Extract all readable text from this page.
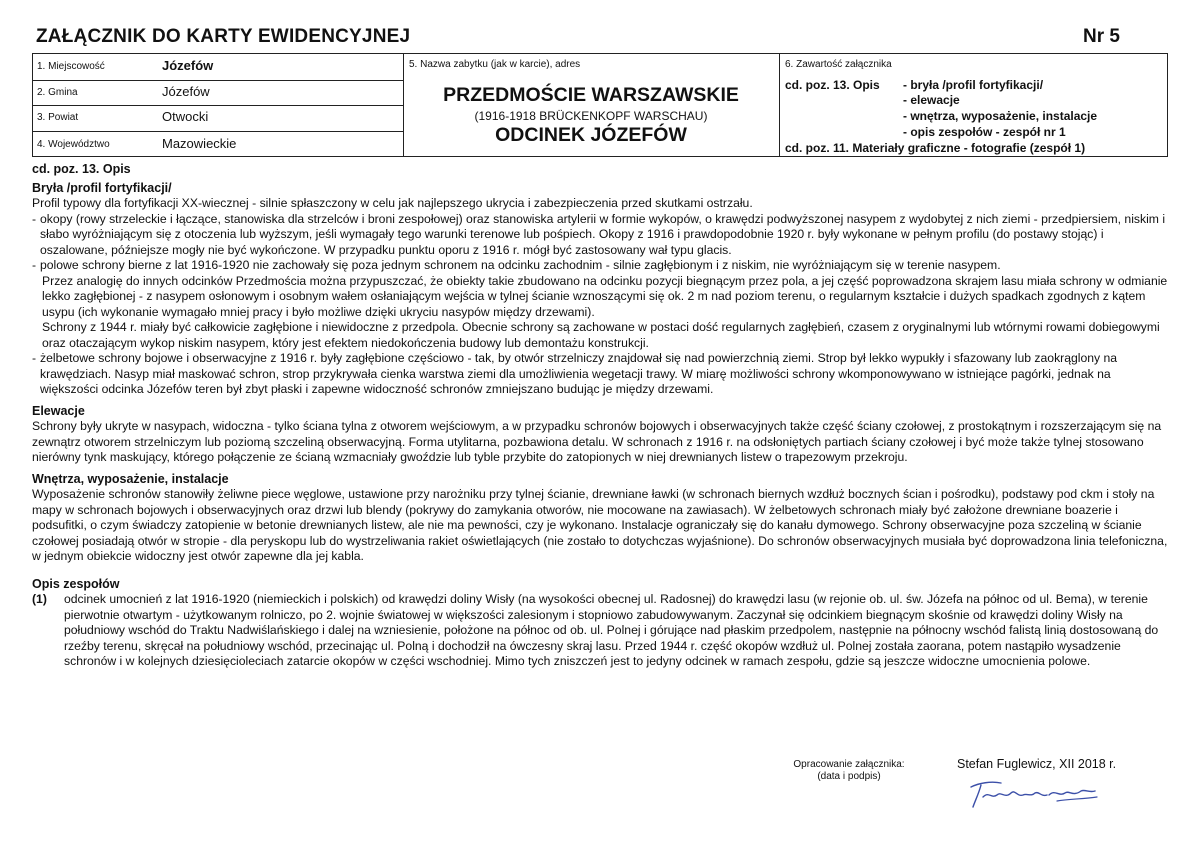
ZAŁĄCZNIK DO KARTY EWIDENCYJNEJ	Nr 5
1. Miejscowość	Józefów
2. Gmina	Józefów
3. Powiat	Otwocki
4. Województwo	Mazowieckie
5. Nazwa zabytku (jak w karcie), adres
PRZEDMOŚCIE WARSZAWSKIE
(1916-1918 BRÜCKENKOPF WARSCHAU)
ODCINEK JÓZEFÓW
6. Zawartość załącznika
cd. poz. 13. Opis - bryła /profil fortyfikacji/
- elewacje
- wnętrza, wyposażenie, instalacje
- opis zespołów - zespół nr 1
cd. poz. 11. Materiały graficzne - fotografie (zespół 1)

cd. poz. 13. Opis

Bryła /profil fortyfikacji/

Profil typowy dla fortyfikacji XX-wiecznej - silnie spłaszczony w celu jak najlepszego ukrycia i zabezpieczenia przed skutkami ostrzału.

- okopy (rowy strzeleckie i łączące, stanowiska dla strzelców i broni zespołowej) oraz stanowiska artylerii w formie wykopów, o krawędzi podwyższonej nasypem z wydobytej z nich ziemi - przedpiersiem, niskim i słabo wyróżniającym się z otoczenia lub wyższym, jeśli wymagały tego warunki terenowe lub pośpiech. Okopy z 1916 i prawdopodobnie 1920 r. były wykonane w pełnym profilu (do postawy stojąc) i oszalowane, późniejsze mogły nie być wykończone. W przypadku punktu oporu z 1916 r. mógł być zastosowany wał typu glacis.
- polowe schrony bierne z lat 1916-1920 nie zachowały się poza jednym schronem na odcinku zachodnim - silnie zagłębionym i z niskim, nie wyróżniającym się w terenie nasypem.

Przez analogię do innych odcinków Przedmościa można przypuszczać, że obiekty takie zbudowano na odcinku pozycji biegnącym przez pola, a jej część poprowadzona skrajem lasu miała schrony w odmianie lekko zagłębionej - z nasypem osłonowym i osobnym wałem osłaniającym wejścia w tylnej ścianie wznoszącymi się ok. 2 m nad poziom terenu, o regularnym kształcie i dużych spadkach zgodnych z kątem usypu (ich wykonanie wymagało mniej pracy i było możliwe dzięki ukryciu nasypów między drzewami).

Schrony z 1944 r. miały być całkowicie zagłębione i niewidoczne z przedpola. Obecnie schrony są zachowane w postaci dość regularnych zagłębień, czasem z oryginalnymi lub wtórnymi rowami dobiegowymi oraz otaczającym wykop niskim nasypem, który jest efektem niedokończenia budowy lub demontażu konstrukcji.

- żelbetowe schrony bojowe i obserwacyjne z 1916 r. były zagłębione częściowo - tak, by otwór strzelniczy znajdował się nad powierzchnią ziemi. Strop był lekko wypukły i sfazowany lub zaokrąglony na krawędziach. Nasyp miał maskować schron, strop przykrywała cienka warstwa ziemi dla umożliwienia wegetacji trawy. W miarę możliwości schrony wkomponowywano w istniejące pagórki, jednak na większości odcinka Józefów teren był zbyt płaski i zapewne widoczność schronów zmniejszano budując je między drzewami.

Elewacje

Schrony były ukryte w nasypach, widoczna - tylko ściana tylna z otworem wejściowym, a w przypadku schronów bojowych i obserwacyjnych także część ściany czołowej, z prostokątnym i rozszerzającym się na zewnątrz otworem strzelniczym lub poziomą szczeliną obserwacyjną. Forma utylitarna, pozbawiona detalu. W schronach z 1916 r. na odsłoniętych partiach ściany czołowej i być może także tylnej stosowano nierówny tynk maskujący, którego połączenie ze ścianą wzmacniały gwoździe lub tyble przybite do zatopionych w niej drewnianych listew o trapezowym przekroju.

Wnętrza, wyposażenie, instalacje

Wyposażenie schronów stanowiły żeliwne piece węglowe, ustawione przy narożniku przy tylnej ścianie, drewniane ławki (w schronach biernych wzdłuż bocznych ścian i pośrodku), podstawy pod ckm i stoły na mapy w schronach bojowych i obserwacyjnych oraz drzwi lub blendy (pokrywy do zamykania otworów, nie mocowane na zawiasach). W żelbetowych schronach miały być założone drewniane boazerie i podsufitki, o czym świadczy zatopienie w betonie drewnianych listew, ale nie ma pewności, czy je wykonano. Instalacje ograniczały się do kanału dymowego. Schrony obserwacyjne poza szczeliną w ścianie czołowej posiadają otwór w stropie - dla peryskopu lub do wystrzeliwania rakiet oświetlających (nie zostało to dotychczas wyjaśnione). Do schronów obserwacyjnych musiała być doprowadzona linia telefoniczna, w jednym obiekcie widoczny jest otwór zapewne dla jej kabla.

Opis zespołów

(1)	odcinek umocnień z lat 1916-1920 (niemieckich i polskich) od krawędzi doliny Wisły (na wysokości obecnej ul. Radosnej) do krawędzi lasu (w rejonie ob. ul. św. Józefa na północ od ul. Bema), w terenie pierwotnie otwartym - użytkowanym rolniczo, po 2. wojnie światowej w większości zalesionym i stopniowo zabudowywanym. Zaczynał się odcinkiem biegnącym skośnie od krawędzi doliny Wisły na południowy wschód do Traktu Nadwiślańskiego i dalej na wzniesienie, położone na północ od ob. ul. Polnej i górujące nad płaskim przedpolem, następnie na północny wschód falistą linią dostosowaną do rzeźby terenu, skręcał na południowy wschód, przecinając ul. Polną i dochodził na ówczesny skraj lasu. Przed 1944 r. część okopów wzdłuż ul. Polnej została zaorana, potem nastąpiło wysadzenie schronów i w kolejnych dziesięcioleciach zatarcie okopów w części wschodniej. Mimo tych zniszczeń jest to jedyny odcinek w ramach zespołu, gdzie są jeszcze widoczne umocnienia polowe.
Opracowanie załącznika:
(data i podpis)
Stefan Fuglewicz, XII 2018 r.
